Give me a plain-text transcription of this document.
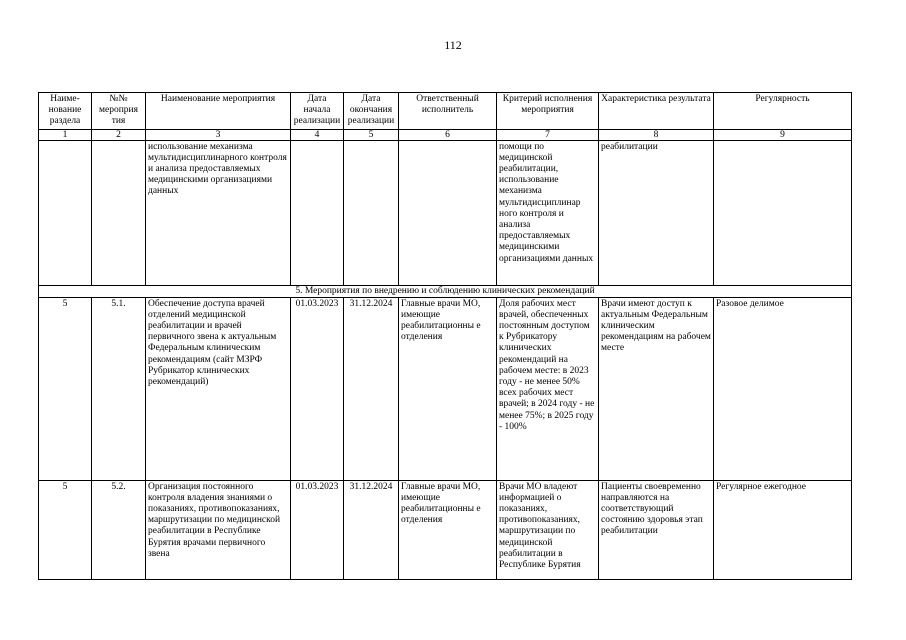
112
Наиме-нование раздела	№№ мероприя тия	Наименование мероприятия	Дата начала реализации	Дата окончания реализации	Ответственный исполнитель	Критерий исполнения мероприятия	Характеристика результата	Регулярность
1	2	3	4	5	6	7	8	9
		использование механизма мультидисциплинарного контроля и анализа предоставляемых медицинскими организациями данных				помощи по медицинской реабилитации, использование механизма мультидисциплинар ного контроля и анализа предоставляемых медицинскими организациями данных	реабилитации	
5. Мероприятия по внедрению и соблюдению клинических рекомендаций								
5	5.1.	Обеспечение доступа врачей отделений медицинской реабилитации и врачей первичного звена к актуальным Федеральным клиническим рекомендациям (сайт МЗРФ Рубрикатор клинических рекомендаций)	01.03.2023	31.12.2024	Главные врачи МО, имеющие реабилитационны е отделения	Доля рабочих мест врачей, обеспеченных постоянным доступом к Рубрикатору клинических рекомендаций на рабочем месте: в 2023 году - не менее 50% всех рабочих мест врачей; в 2024 году - не менее 75%; в 2025 году - 100%	Врачи имеют доступ к актуальным Федеральным клиническим рекомендациям на рабочем месте	Разовое делимое
5	5.2.	Организация постоянного контроля владения знаниями о показаниях, противопоказаниях, маршрутизации по медицинской реабилитации в Республике Бурятия врачами первичного звена	01.03.2023	31.12.2024	Главные врачи МО, имеющие реабилитационны е отделения	Врачи МО владеют информацией о показаниях, противопоказаниях, маршрутизации по медицинской реабилитации в Республике Бурятия	Пациенты своевременно направляются на соответствующий состоянию здоровья этап реабилитации	Регулярное ежегодное
